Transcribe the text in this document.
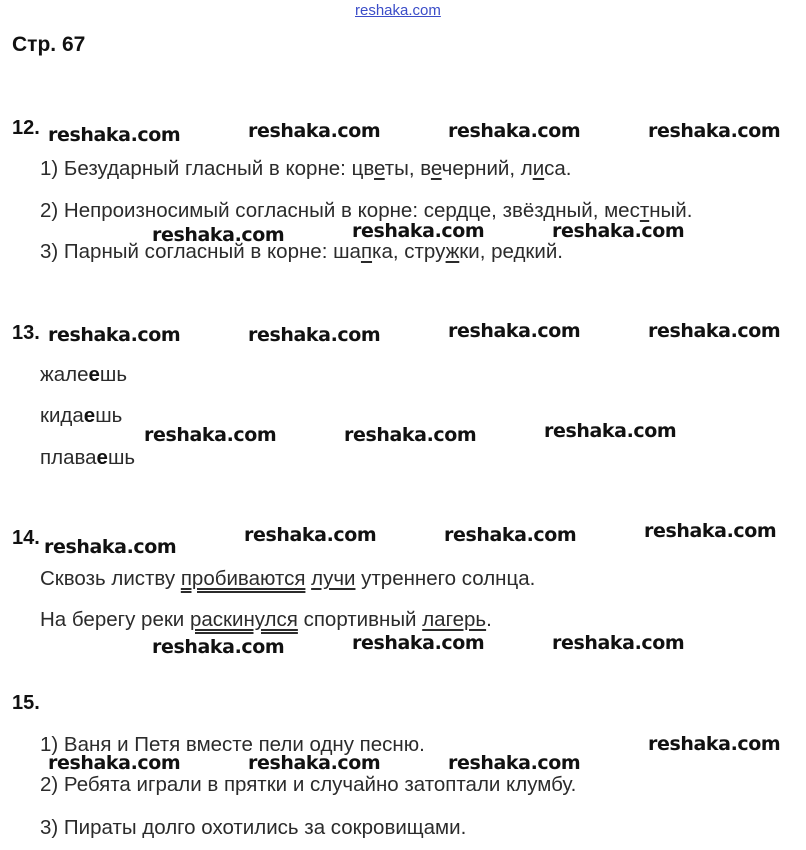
reshaka.com
Стр. 67
12.
1) Безударный гласный в корне: цветы, вечерний, лиса.
2) Непроизносимый согласный в корне: сердце, звёздный, местный.
3) Парный согласный в корне: шапка, стружки, редкий.
13.
жалеешь
кидаешь
плаваешь
14.
Сквозь листву пробиваются лучи утреннего солнца.
На берегу реки раскинулся спортивный лагерь.
15.
1) Ваня и Петя вместе пели одну песню.
2) Ребята играли в прятки и случайно затоптали клумбу.
3) Пираты долго охотились за сокровищами.
reshaka.com	reshaka.com	reshaka.com	reshaka.com
reshaka.com	reshaka.com	reshaka.com
reshaka.com	reshaka.com	reshaka.com	reshaka.com
reshaka.com	reshaka.com	reshaka.com
reshaka.com
reshaka.com	reshaka.com	reshaka.com
reshaka.com	reshaka.com	reshaka.com
reshaka.com
reshaka.com	reshaka.com	reshaka.com
